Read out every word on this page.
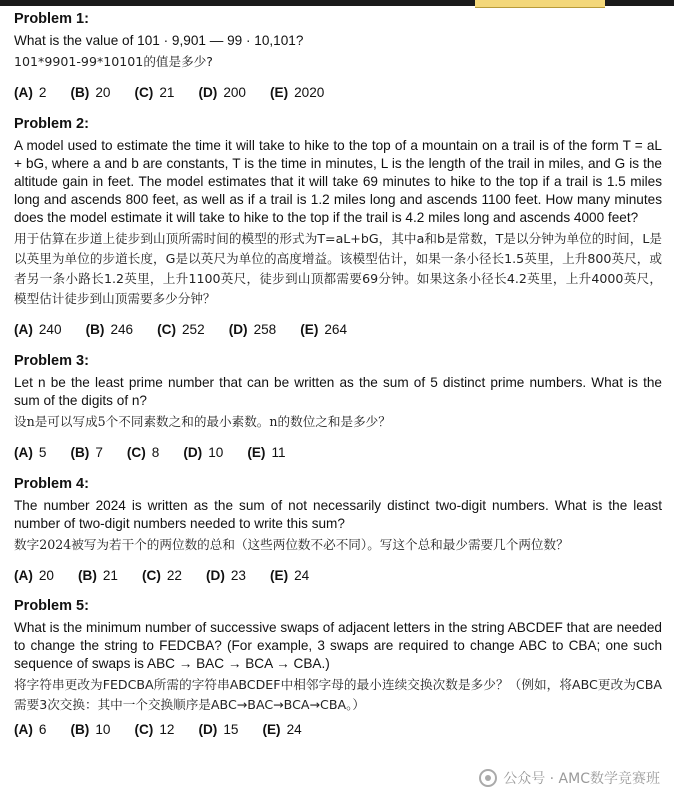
Problem 1:

What is the value of 101 · 9,901 — 99 · 10,101?

101*9901-99*10101的值是多少?

(A) 2 (B) 20 (C) 21 (D) 200 (E) 2020
Problem 2:

A model used to estimate the time it will take to hike to the top of a mountain on a trail is of the form T = aL + bG, where a and b are constants, T is the time in minutes, L is the length of the trail in miles, and G is the altitude gain in feet. The model estimates that it will take 69 minutes to hike to the top if a trail is 1.5 miles long and ascends 800 feet, as well as if a trail is 1.2 miles long and ascends 1100 feet. How many minutes does the model estimate it will take to hike to the top if the trail is 4.2 miles long and ascends 4000 feet?

用于估算在步道上徒步到山顶所需时间的模型的形式为T=aL+bG，其中a和b是常数，T是以分钟为单位的时间，L是以英里为单位的步道长度，G是以英尺为单位的高度增益。该模型估计，如果一条小径长1.5英里，上升800英尺，或者另一条小路长1.2英里，上升1100英尺，徒步到山顶都需要69分钟。如果这条小径长4.2英里，上升4000英尺，模型估计徒步到山顶需要多少分钟？

(A) 240 (B) 246 (C) 252 (D) 258 (E) 264
Problem 3:

Let n be the least prime number that can be written as the sum of 5 distinct prime numbers. What is the sum of the digits of n?

设n是可以写成5个不同素数之和的最小素数。n的数位之和是多少？

(A) 5 (B) 7 (C) 8 (D) 10 (E) 11
Problem 4:

The number 2024 is written as the sum of not necessarily distinct two-digit numbers. What is the least number of two-digit numbers needed to write this sum?

数字2024被写为若干个的两位数的总和（这些两位数不必不同）。写这个总和最少需要几个两位数？

(A) 20 (B) 21 (C) 22 (D) 23 (E) 24
Problem 5:

What is the minimum number of successive swaps of adjacent letters in the string ABCDEF that are needed to change the string to FEDCBA? (For example, 3 swaps are required to change ABC to CBA; one such sequence of swaps is ABC → BAC → BCA → CBA.)

将字符串更改为FEDCBA所需的字符串ABCDEF中相邻字母的最小连续交换次数是多少？（例如，将ABC更改为CBA需要3次交换：其中一个交换顺序是ABC→BAC→BCA→CBA。）

(A) 6 (B) 10 (C) 12 (D) 15 (E) 24
公众号 · AMC数学竞赛班
